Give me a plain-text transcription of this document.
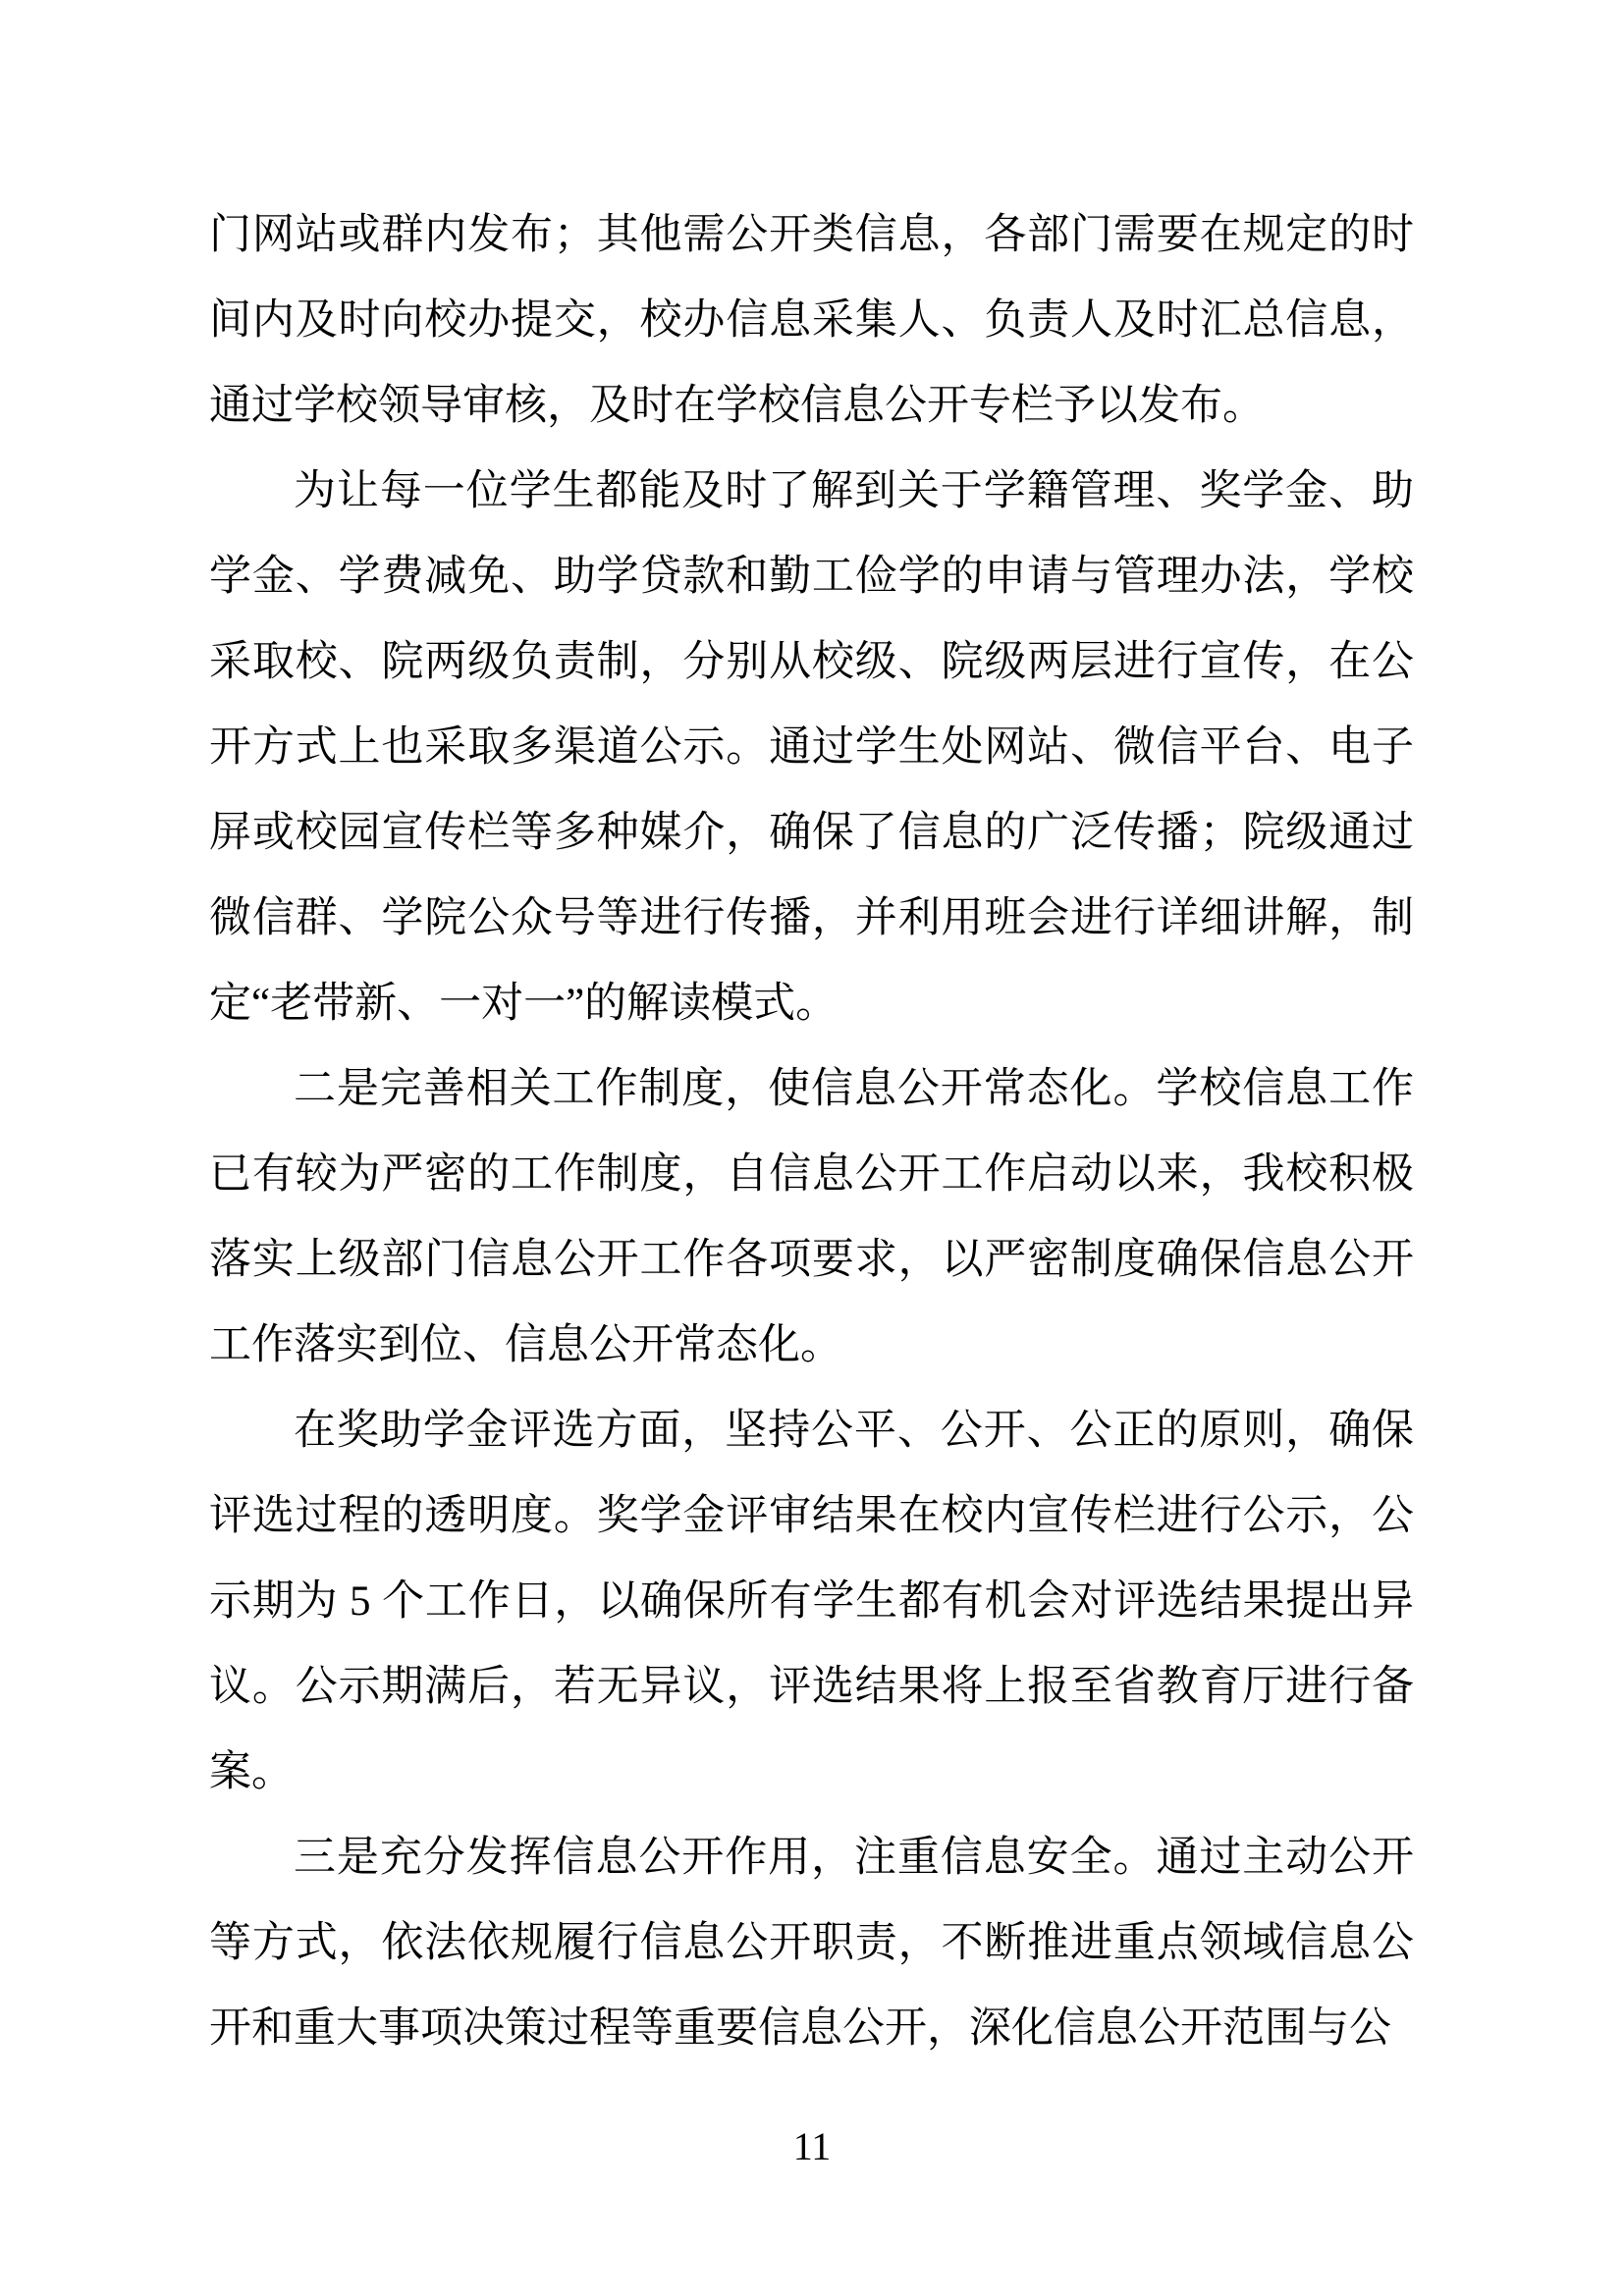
门网站或群内发布；其他需公开类信息，各部门需要在规定的时间内及时向校办提交，校办信息采集人、负责人及时汇总信息，通过学校领导审核，及时在学校信息公开专栏予以发布。

为让每一位学生都能及时了解到关于学籍管理、奖学金、助学金、学费减免、助学贷款和勤工俭学的申请与管理办法，学校采取校、院两级负责制，分别从校级、院级两层进行宣传，在公开方式上也采取多渠道公示。通过学生处网站、微信平台、电子屏或校园宣传栏等多种媒介，确保了信息的广泛传播；院级通过微信群、学院公众号等进行传播，并利用班会进行详细讲解，制定“老带新、一对一”的解读模式。

二是完善相关工作制度，使信息公开常态化。学校信息工作已有较为严密的工作制度，自信息公开工作启动以来，我校积极落实上级部门信息公开工作各项要求，以严密制度确保信息公开工作落实到位、信息公开常态化。

在奖助学金评选方面，坚持公平、公开、公正的原则，确保评选过程的透明度。奖学金评审结果在校内宣传栏进行公示，公示期为 5 个工作日，以确保所有学生都有机会对评选结果提出异议。公示期满后，若无异议，评选结果将上报至省教育厅进行备案。

三是充分发挥信息公开作用，注重信息安全。通过主动公开等方式，依法依规履行信息公开职责，不断推进重点领域信息公开和重大事项决策过程等重要信息公开，深化信息公开范围与公

11
